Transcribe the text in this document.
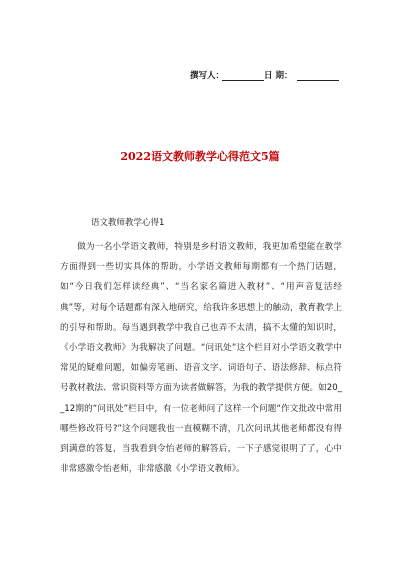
撰写人：	日 期：
2022语文教师教学心得范文5篇
语文教师教学心得1

做为一名小学语文教师，特别是乡村语文教师，我更加希望能在教学方面得到一些切实具体的帮助，小学语文教师每期都有一个热门话题，如“今日我们怎样读经典”、“当名家名篇进入教材”、“用声音复活经典”等，对每个话题都有深入地研究，给我许多思想上的触动，教育教学上的引导和帮助。每当遇到教学中我自己也弄不太清，搞不太懂的知识时，《小学语文教师》为我解决了问题。“问讯处”这个栏目对小学语文教学中常见的疑难问题，如偏旁笔画、语音文字、词语句子、语法修辞、标点符号教材教法、常识资料等方面为读者做解答，为我的教学提供方便。如20__12期的“问讯处”栏目中，有一位老师问了这样一个问题“作文批改中常用哪些修改符号?”这个问题我也一直模糊不清，几次问讯其他老师都没有得到满意的答复，当我看到令怡老师的解答后，一下子感觉很明了了，心中非常感激令怡老师，非常感激《小学语文教师》。
